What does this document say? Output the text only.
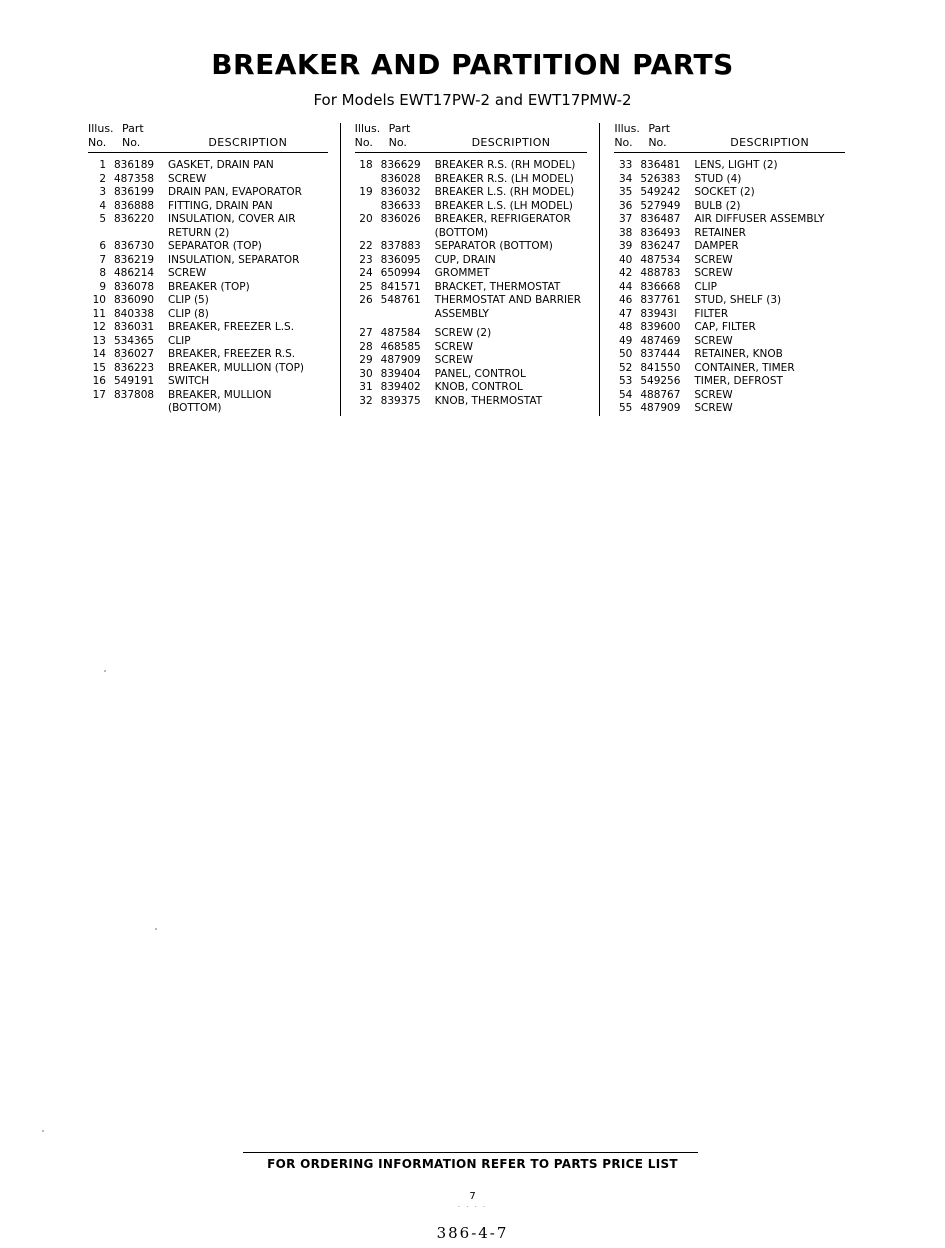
BREAKER AND PARTITION PARTS
For Models EWT17PW-2 and EWT17PMW-2
Illus. Part
No.	No.	DESCRIPTION
1 836189	GASKET, DRAIN PAN
2 487358	SCREW
3 836199	DRAIN PAN, EVAPORATOR
4 836888	FITTING, DRAIN PAN
5 836220	INSULATION, COVER AIR
RETURN (2)
6 836730	SEPARATOR (TOP)
7 836219	INSULATION, SEPARATOR
8 486214	SCREW
9 836078	BREAKER (TOP)
10 836090	CLIP (5)
11 840338	CLIP (8)
12 836031	BREAKER, FREEZER L.S.
13 534365	CLIP
14 836027	BREAKER, FREEZER R.S.
15 836223	BREAKER, MULLION (TOP)
16 549191	SWITCH
17 837808	BREAKER, MULLION
(BOTTOM)
Illus. Part
No.	No.	DESCRIPTION
18 836629	BREAKER R.S. (RH MODEL)
836028	BREAKER R.S. (LH MODEL)
19 836032	BREAKER L.S. (RH MODEL)
836633	BREAKER L.S. (LH MODEL)
20 836026	BREAKER, REFRIGERATOR
(BOTTOM)
22 837883	SEPARATOR (BOTTOM)
23 836095	CUP, DRAIN
24 650994	GROMMET
25 841571	BRACKET, THERMOSTAT
26 548761	THERMOSTAT AND BARRIER
ASSEMBLY
27 487584	SCREW (2)
28 468585	SCREW
29 487909	SCREW
30 839404	PANEL, CONTROL
31 839402	KNOB, CONTROL
32 839375	KNOB, THERMOSTAT
Illus. Part
No.	No.	DESCRIPTION
33 836481	LENS, LIGHT (2)
34 526383	STUD (4)
35 549242	SOCKET (2)
36 527949	BULB (2)
37 836487	AIR DIFFUSER ASSEMBLY
38 836493	RETAINER
39 836247	DAMPER
40 487534	SCREW
42 488783	SCREW
44 836668	CLIP
46 837761	STUD, SHELF (3)
47 83943l	FILTER
48 839600	CAP, FILTER
49 487469	SCREW
50 837444	RETAINER, KNOB
52 841550	CONTAINER, TIMER
53 549256	TIMER, DEFROST
54 488767	SCREW
55 487909	SCREW
FOR ORDERING INFORMATION REFER TO PARTS PRICE LIST
7
· · · ·
386-4-7
